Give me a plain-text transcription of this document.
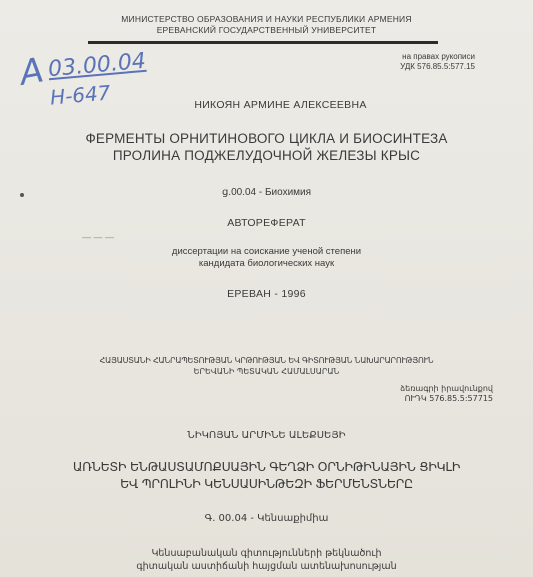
МИНИСТЕРСТВО ОБРАЗОВАНИЯ И НАУКИ РЕСПУБЛИКИ АРМЕНИЯ
ЕРЕВАНСКИЙ ГОСУДАРСТВЕННЫЙ УНИВЕРСИТЕТ
A 03.00.04
H-647
на правах рукописи
УДК 576.85.5:577.15
НИКОЯН АРМИНЕ АЛЕКСЕЕВНА
ФЕРМЕНТЫ ОРНИТИНОВОГО ЦИКЛА И БИОСИНТЕЗА
ПРОЛИНА ПОДЖЕЛУДОЧНОЙ ЖЕЛЕЗЫ КРЫС
ց.00.04 - Биохимия
АВТОРЕФЕРАТ
— — —
диссертации на соискание ученой степени
кандидата биологических наук
ЕРЕВАН - 1996
ՀԱՅԱՍՏԱՆԻ ՀԱՆՐԱՊԵՏՈՒԹՅԱՆ ԿՐԹՈՒԹՅԱՆ ԵՎ ԳԻՏՈՒԹՅԱՆ ՆԱԽԱՐԱՐՈՒԹՅՈՒՆ
ԵՐԵՎԱՆԻ ՊԵՏԱԿԱՆ ՀԱՄԱԼՍԱՐԱՆ
ձեռագրի իրավունքով
ՈՒԴԿ 576.85.5:57715
ՆԻԿՈՅԱՆ ԱՐՄԻՆԵ ԱԼԵՔՍԵՅԻ
ԱՌՆԵՏԻ ԵՆԹԱՍՏԱՄՈՔՍԱՅԻՆ ԳԵՂՁԻ ՕՐՆԻԹԻՆԱՅԻՆ ՑԻԿԼԻ
ԵՎ ՊՐՈԼԻՆԻ ԿԵՆՍԱՍԻՆԹԵԶԻ ՖԵՐՄԵՆՏՆԵՐԸ
Գ. 00.04 - Կենսաքիմիա
Կենսաբանական գիտությունների թեկնածուի
գիտական աստիճանի հայցման ատենախոսության
